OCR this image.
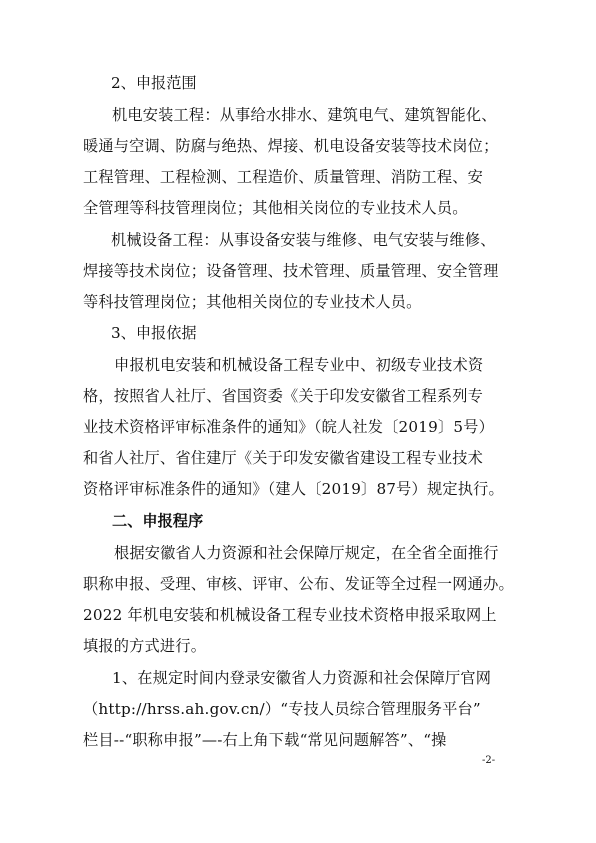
2、申报范围
机电安装工程：从事给水排水、建筑电气、建筑智能化、
暖通与空调、防腐与绝热、焊接、机电设备安装等技术岗位；
工程管理、工程检测、工程造价、质量管理、消防工程、安
全管理等科技管理岗位；其他相关岗位的专业技术人员。
机械设备工程：从事设备安装与维修、电气安装与维修、
焊接等技术岗位；设备管理、技术管理、质量管理、安全管理
等科技管理岗位；其他相关岗位的专业技术人员。
3、申报依据
申报机电安装和机械设备工程专业中、初级专业技术资
格，按照省人社厅、省国资委《关于印发安徽省工程系列专
业技术资格评审标准条件的通知》（皖人社发〔2019〕5号）
和省人社厅、省住建厅《关于印发安徽省建设工程专业技术
资格评审标准条件的通知》（建人〔2019〕87号）规定执行。
二、申报程序
根据安徽省人力资源和社会保障厅规定，在全省全面推行
职称申报、受理、审核、评审、公布、发证等全过程一网通办。
2022 年机电安装和机械设备工程专业技术资格申报采取网上
填报的方式进行。
1、在规定时间内登录安徽省人力资源和社会保障厅官网
（http://hrss.ah.gov.cn/）“专技人员综合管理服务平台”
栏目--“职称申报”—-右上角下载“常见问题解答”、“操
-2-
